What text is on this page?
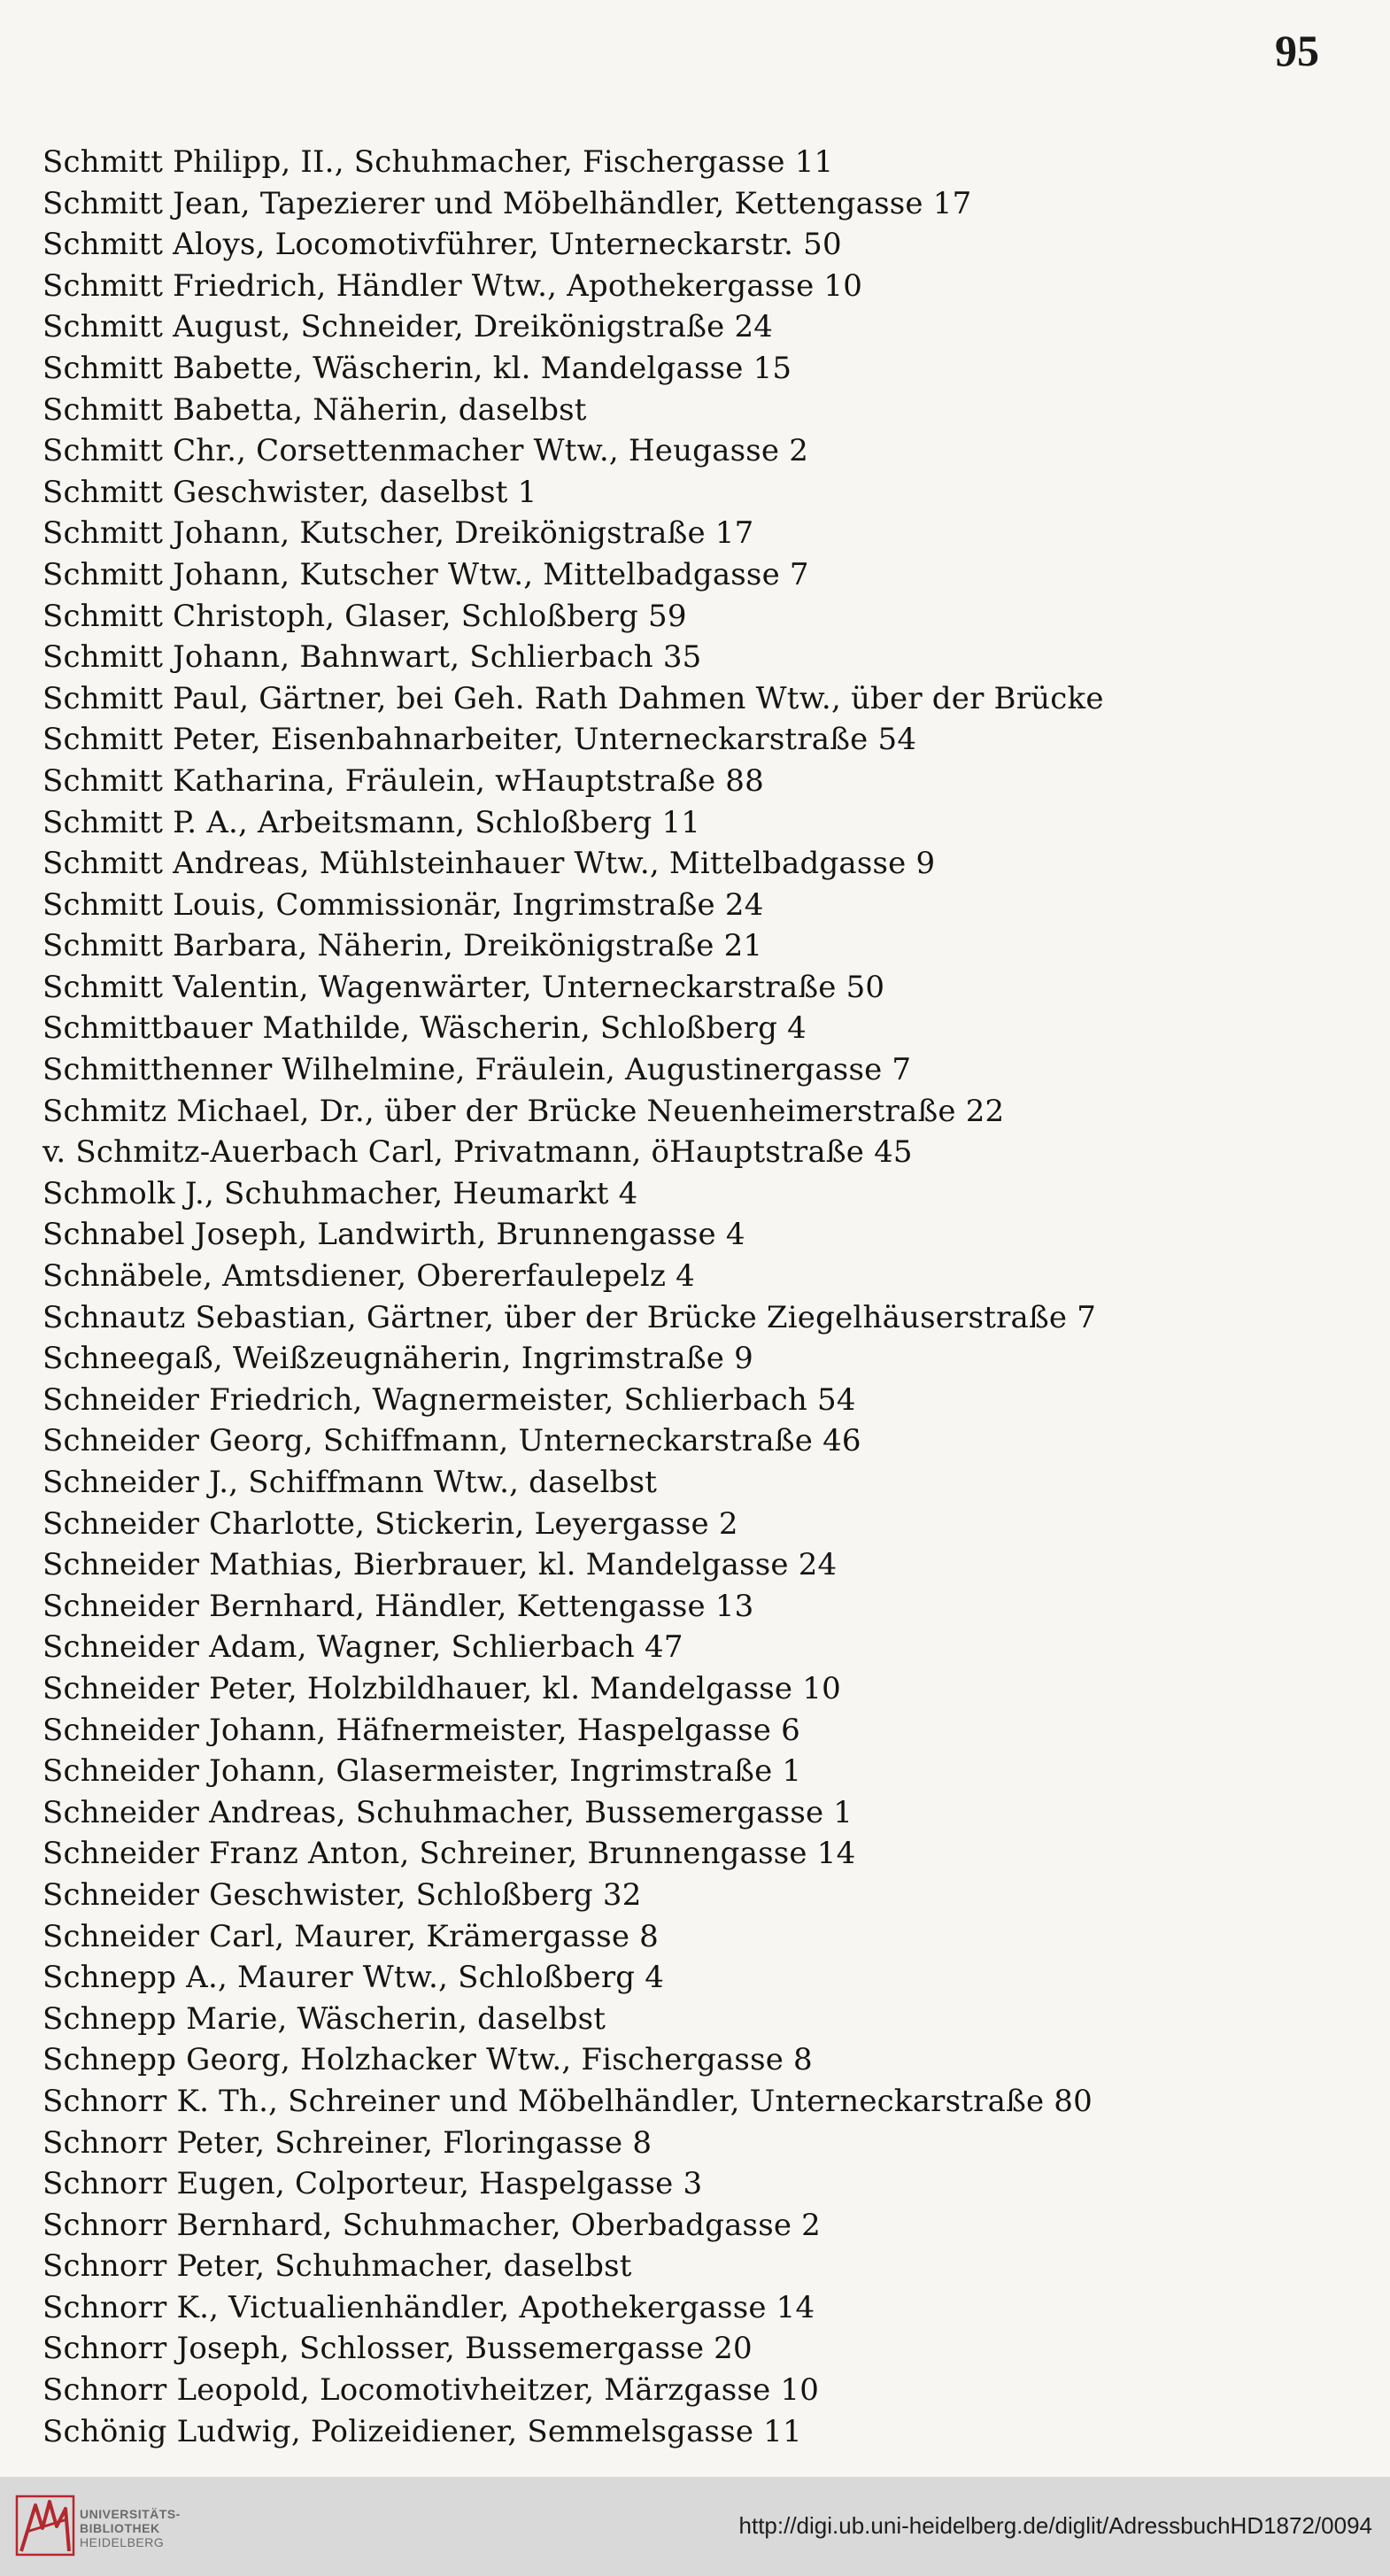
95
Schmitt Philipp, II., Schuhmacher, Fischergasse 11
Schmitt Jean, Tapezierer und Möbelhändler, Kettengasse 17
Schmitt Aloys, Locomotivführer, Unterneckarstr. 50
Schmitt Friedrich, Händler Wtw., Apothekergasse 10
Schmitt August, Schneider, Dreikönigstraße 24
Schmitt Babette, Wäscherin, kl. Mandelgasse 15
Schmitt Babetta, Näherin, daselbst
Schmitt Chr., Corsettenmacher Wtw., Heugasse 2
Schmitt Geschwister, daselbst 1
Schmitt Johann, Kutscher, Dreikönigstraße 17
Schmitt Johann, Kutscher Wtw., Mittelbadgasse 7
Schmitt Christoph, Glaser, Schloßberg 59
Schmitt Johann, Bahnwart, Schlierbach 35
Schmitt Paul, Gärtner, bei Geh. Rath Dahmen Wtw., über der Brücke
Schmitt Peter, Eisenbahnarbeiter, Unterneckarstraße 54
Schmitt Katharina, Fräulein, wHauptstraße 88
Schmitt P. A., Arbeitsmann, Schloßberg 11
Schmitt Andreas, Mühlsteinhauer Wtw., Mittelbadgasse 9
Schmitt Louis, Commissionär, Ingrimstraße 24
Schmitt Barbara, Näherin, Dreikönigstraße 21
Schmitt Valentin, Wagenwärter, Unterneckarstraße 50
Schmittbauer Mathilde, Wäscherin, Schloßberg 4
Schmitthenner Wilhelmine, Fräulein, Augustinergasse 7
Schmitz Michael, Dr., über der Brücke Neuenheimerstraße 22
v. Schmitz-Auerbach Carl, Privatmann, öHauptstraße 45
Schmolk J., Schuhmacher, Heumarkt 4
Schnabel Joseph, Landwirth, Brunnengasse 4
Schnäbele, Amtsdiener, Obererfaulepelz 4
Schnautz Sebastian, Gärtner, über der Brücke Ziegelhäuserstraße 7
Schneegaß, Weißzeugnäherin, Ingrimstraße 9
Schneider Friedrich, Wagnermeister, Schlierbach 54
Schneider Georg, Schiffmann, Unterneckarstraße 46
Schneider J., Schiffmann Wtw., daselbst
Schneider Charlotte, Stickerin, Leyergasse 2
Schneider Mathias, Bierbrauer, kl. Mandelgasse 24
Schneider Bernhard, Händler, Kettengasse 13
Schneider Adam, Wagner, Schlierbach 47
Schneider Peter, Holzbildhauer, kl. Mandelgasse 10
Schneider Johann, Häfnermeister, Haspelgasse 6
Schneider Johann, Glasermeister, Ingrimstraße 1
Schneider Andreas, Schuhmacher, Bussemergasse 1
Schneider Franz Anton, Schreiner, Brunnengasse 14
Schneider Geschwister, Schloßberg 32
Schneider Carl, Maurer, Krämergasse 8
Schnepp A., Maurer Wtw., Schloßberg 4
Schnepp Marie, Wäscherin, daselbst
Schnepp Georg, Holzhacker Wtw., Fischergasse 8
Schnorr K. Th., Schreiner und Möbelhändler, Unterneckarstraße 80
Schnorr Peter, Schreiner, Floringasse 8
Schnorr Eugen, Colporteur, Haspelgasse 3
Schnorr Bernhard, Schuhmacher, Oberbadgasse 2
Schnorr Peter, Schuhmacher, daselbst
Schnorr K., Victualienhändler, Apothekergasse 14
Schnorr Joseph, Schlosser, Bussemergasse 20
Schnorr Leopold, Locomotivheitzer, Märzgasse 10
Schönig Ludwig, Polizeidiener, Semmelsgasse 11
UNIVERSITÄTS-
BIBLIOTHEK
HEIDELBERG
http://digi.ub.uni-heidelberg.de/diglit/AdressbuchHD1872/0094
